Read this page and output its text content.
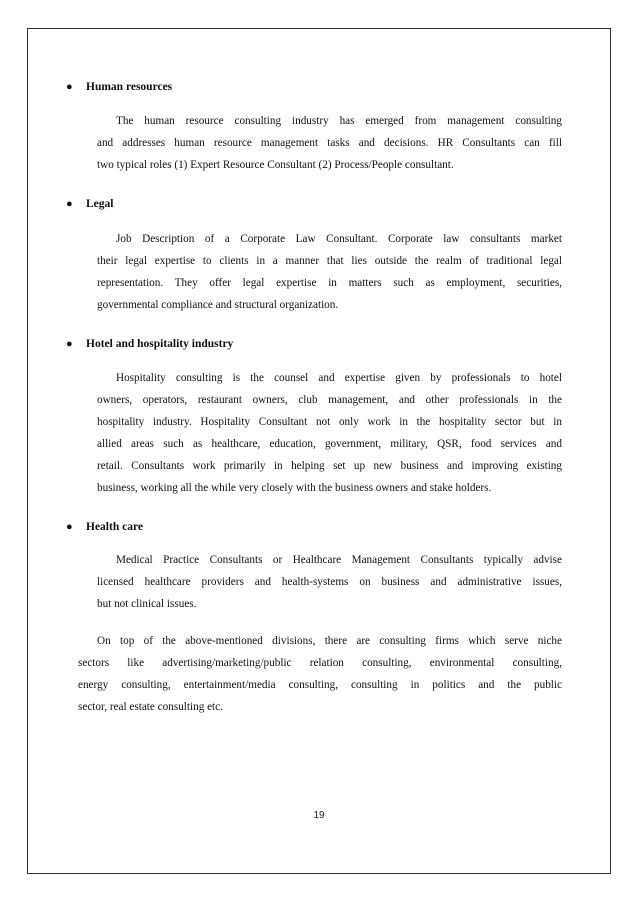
● Human resources
The human resource consulting industry has emerged from management consulting
and addresses human resource management tasks and decisions. HR Consultants can fill
two typical roles (1) Expert Resource Consultant (2) Process/People consultant.
● Legal
Job Description of a Corporate Law Consultant. Corporate law consultants market
their legal expertise to clients in a manner that lies outside the realm of traditional legal
representation. They offer legal expertise in matters such as employment, securities,
governmental compliance and structural organization.
● Hotel and hospitality industry
Hospitality consulting is the counsel and expertise given by professionals to hotel
owners, operators, restaurant owners, club management, and other professionals in the
hospitality industry. Hospitality Consultant not only work in the hospitality sector but in
allied areas such as healthcare, education, government, military, QSR, food services and
retail. Consultants work primarily in helping set up new business and improving existing
business, working all the while very closely with the business owners and stake holders.
● Health care
Medical Practice Consultants or Healthcare Management Consultants typically advise
licensed healthcare providers and health-systems on business and administrative issues,
but not clinical issues.
On top of the above-mentioned divisions, there are consulting firms which serve niche
sectors like advertising/marketing/public relation consulting, environmental consulting,
energy consulting, entertainment/media consulting, consulting in politics and the public
sector, real estate consulting etc.
19
